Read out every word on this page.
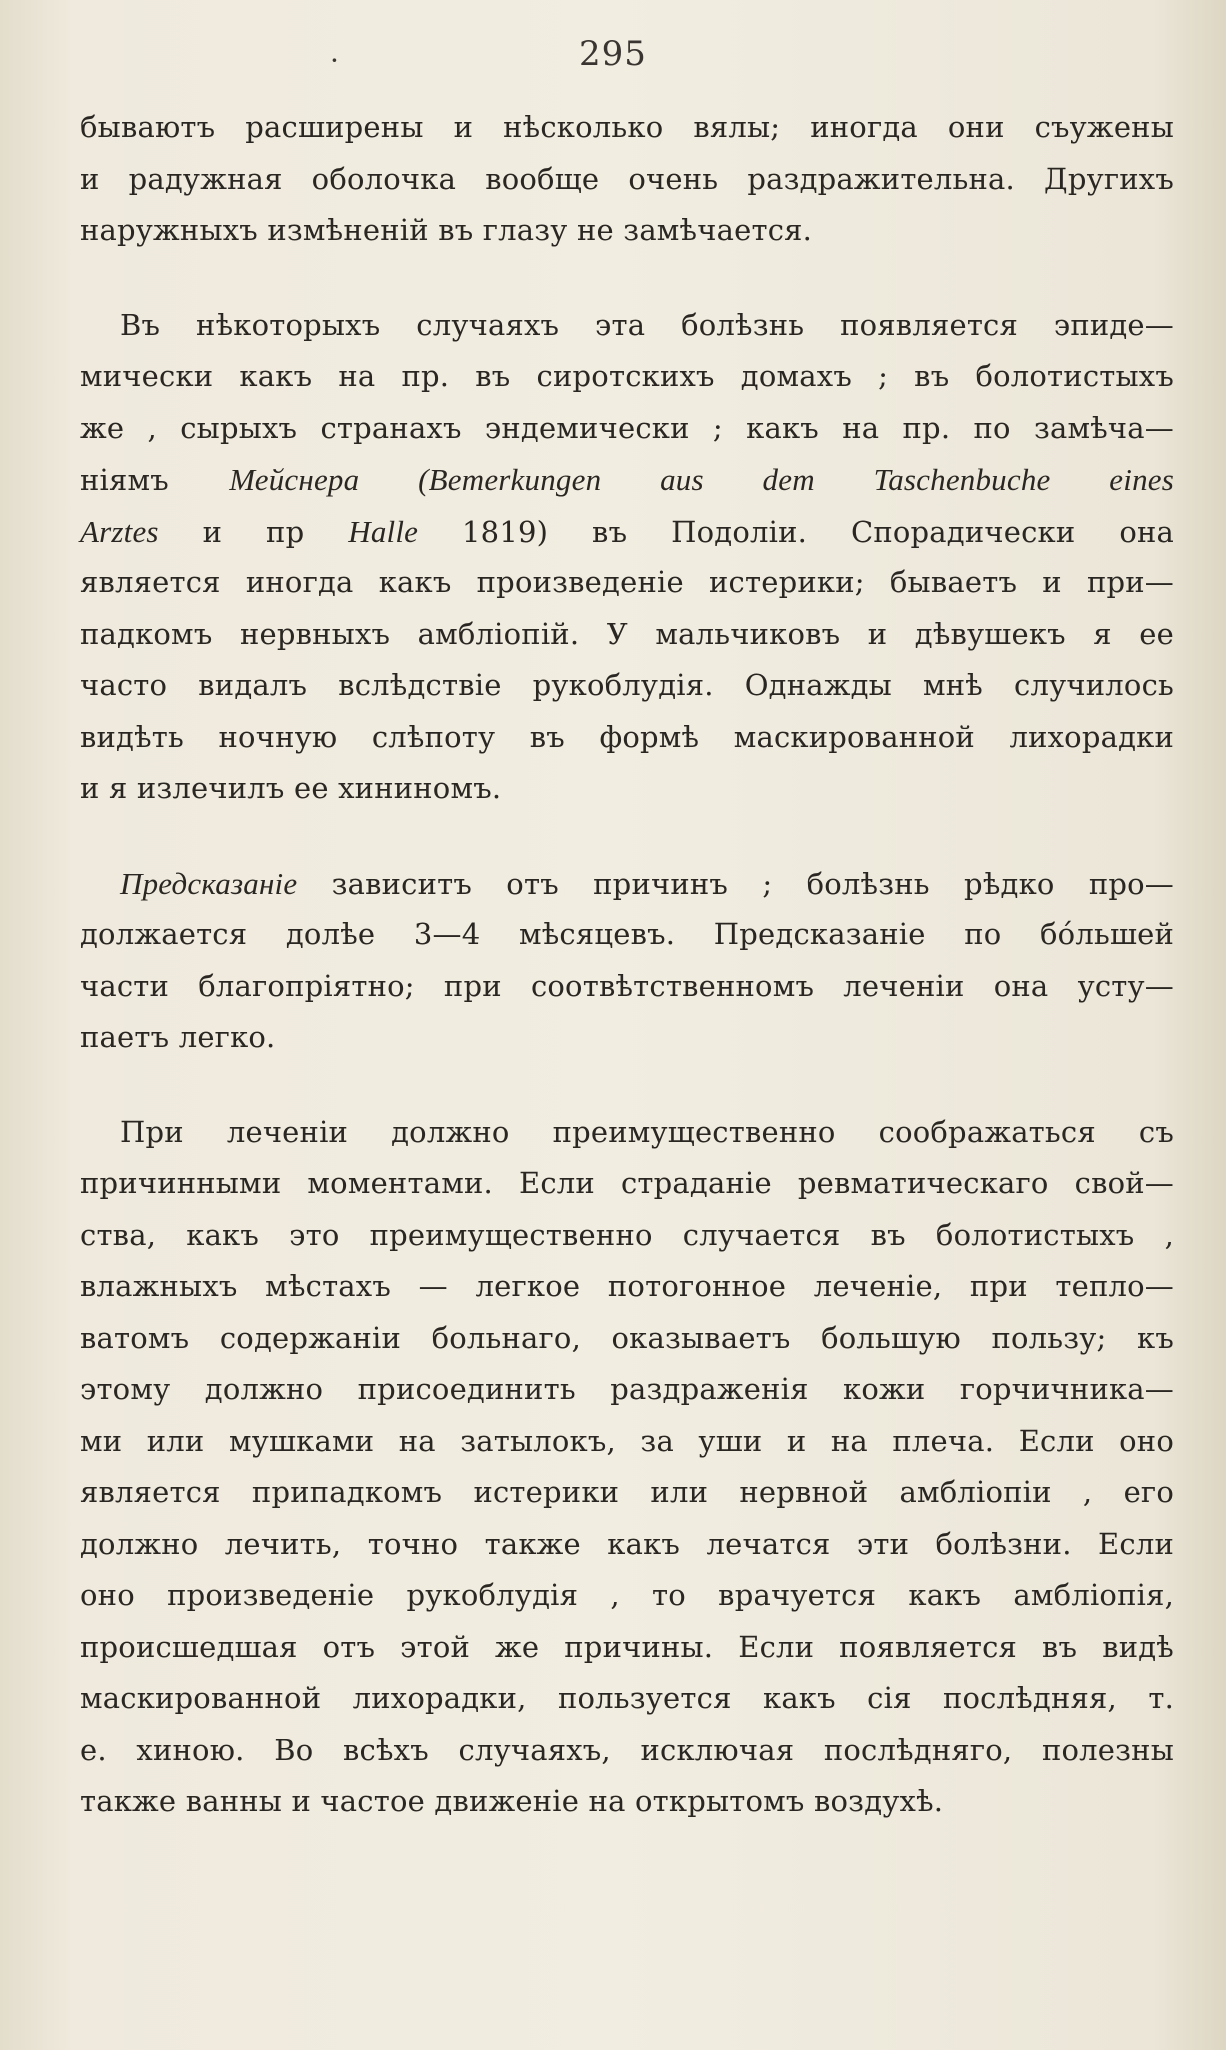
·	295
бываютъ расширены и нѣсколько вялы; иногда они съужены
и радужная оболочка вообще очень раздражительна. Другихъ
наружныхъ измѣненій въ глазу не замѣчается.
Въ нѣкоторыхъ случаяхъ эта болѣзнь появляется эпиде—
мически какъ на пр. въ сиротскихъ домахъ ; въ болотистыхъ
же , сырыхъ странахъ эндемически ; какъ на пр. по замѣча—
ніямъ Мейснера (Bemerkungen aus dem Taschenbuche eines
Arztes и пр Halle 1819) въ Подоліи. Спорадически она
является иногда какъ произведеніе истерики; бываетъ и при—
падкомъ нервныхъ амбліопій. У мальчиковъ и дѣвушекъ я ее
часто видалъ вслѣдствіе рукоблудія. Однажды мнѣ случилось
видѣть ночную слѣпоту въ формѣ маскированной лихорадки
и я излечилъ ее хининомъ.
Предсказаніе зависитъ отъ причинъ ; болѣзнь рѣдко про—
должается долѣе 3—4 мѣсяцевъ. Предсказаніе по бо́льшей
части благопріятно; при соотвѣтственномъ леченіи она усту—
паетъ легко.
При леченіи должно преимущественно соображаться съ
причинными моментами. Если страданіе ревматическаго свой—
ства, какъ это преимущественно случается въ болотистыхъ ,
влажныхъ мѣстахъ — легкое потогонное леченіе, при тепло—
ватомъ содержаніи больнаго, оказываетъ большую пользу; къ
этому должно присоединить раздраженія кожи горчичника—
ми или мушками на затылокъ, за уши и на плеча. Если оно
является припадкомъ истерики или нервной амбліопіи , его
должно лечить, точно также какъ лечатся эти болѣзни. Если
оно произведеніе рукоблудія , то врачуется какъ амбліопія,
происшедшая отъ этой же причины. Если появляется въ видѣ
маскированной лихорадки, пользуется какъ сія послѣдняя, т.
е. хиною. Во всѣхъ случаяхъ, исключая послѣдняго, полезны
также ванны и частое движеніе на открытомъ воздухѣ.
